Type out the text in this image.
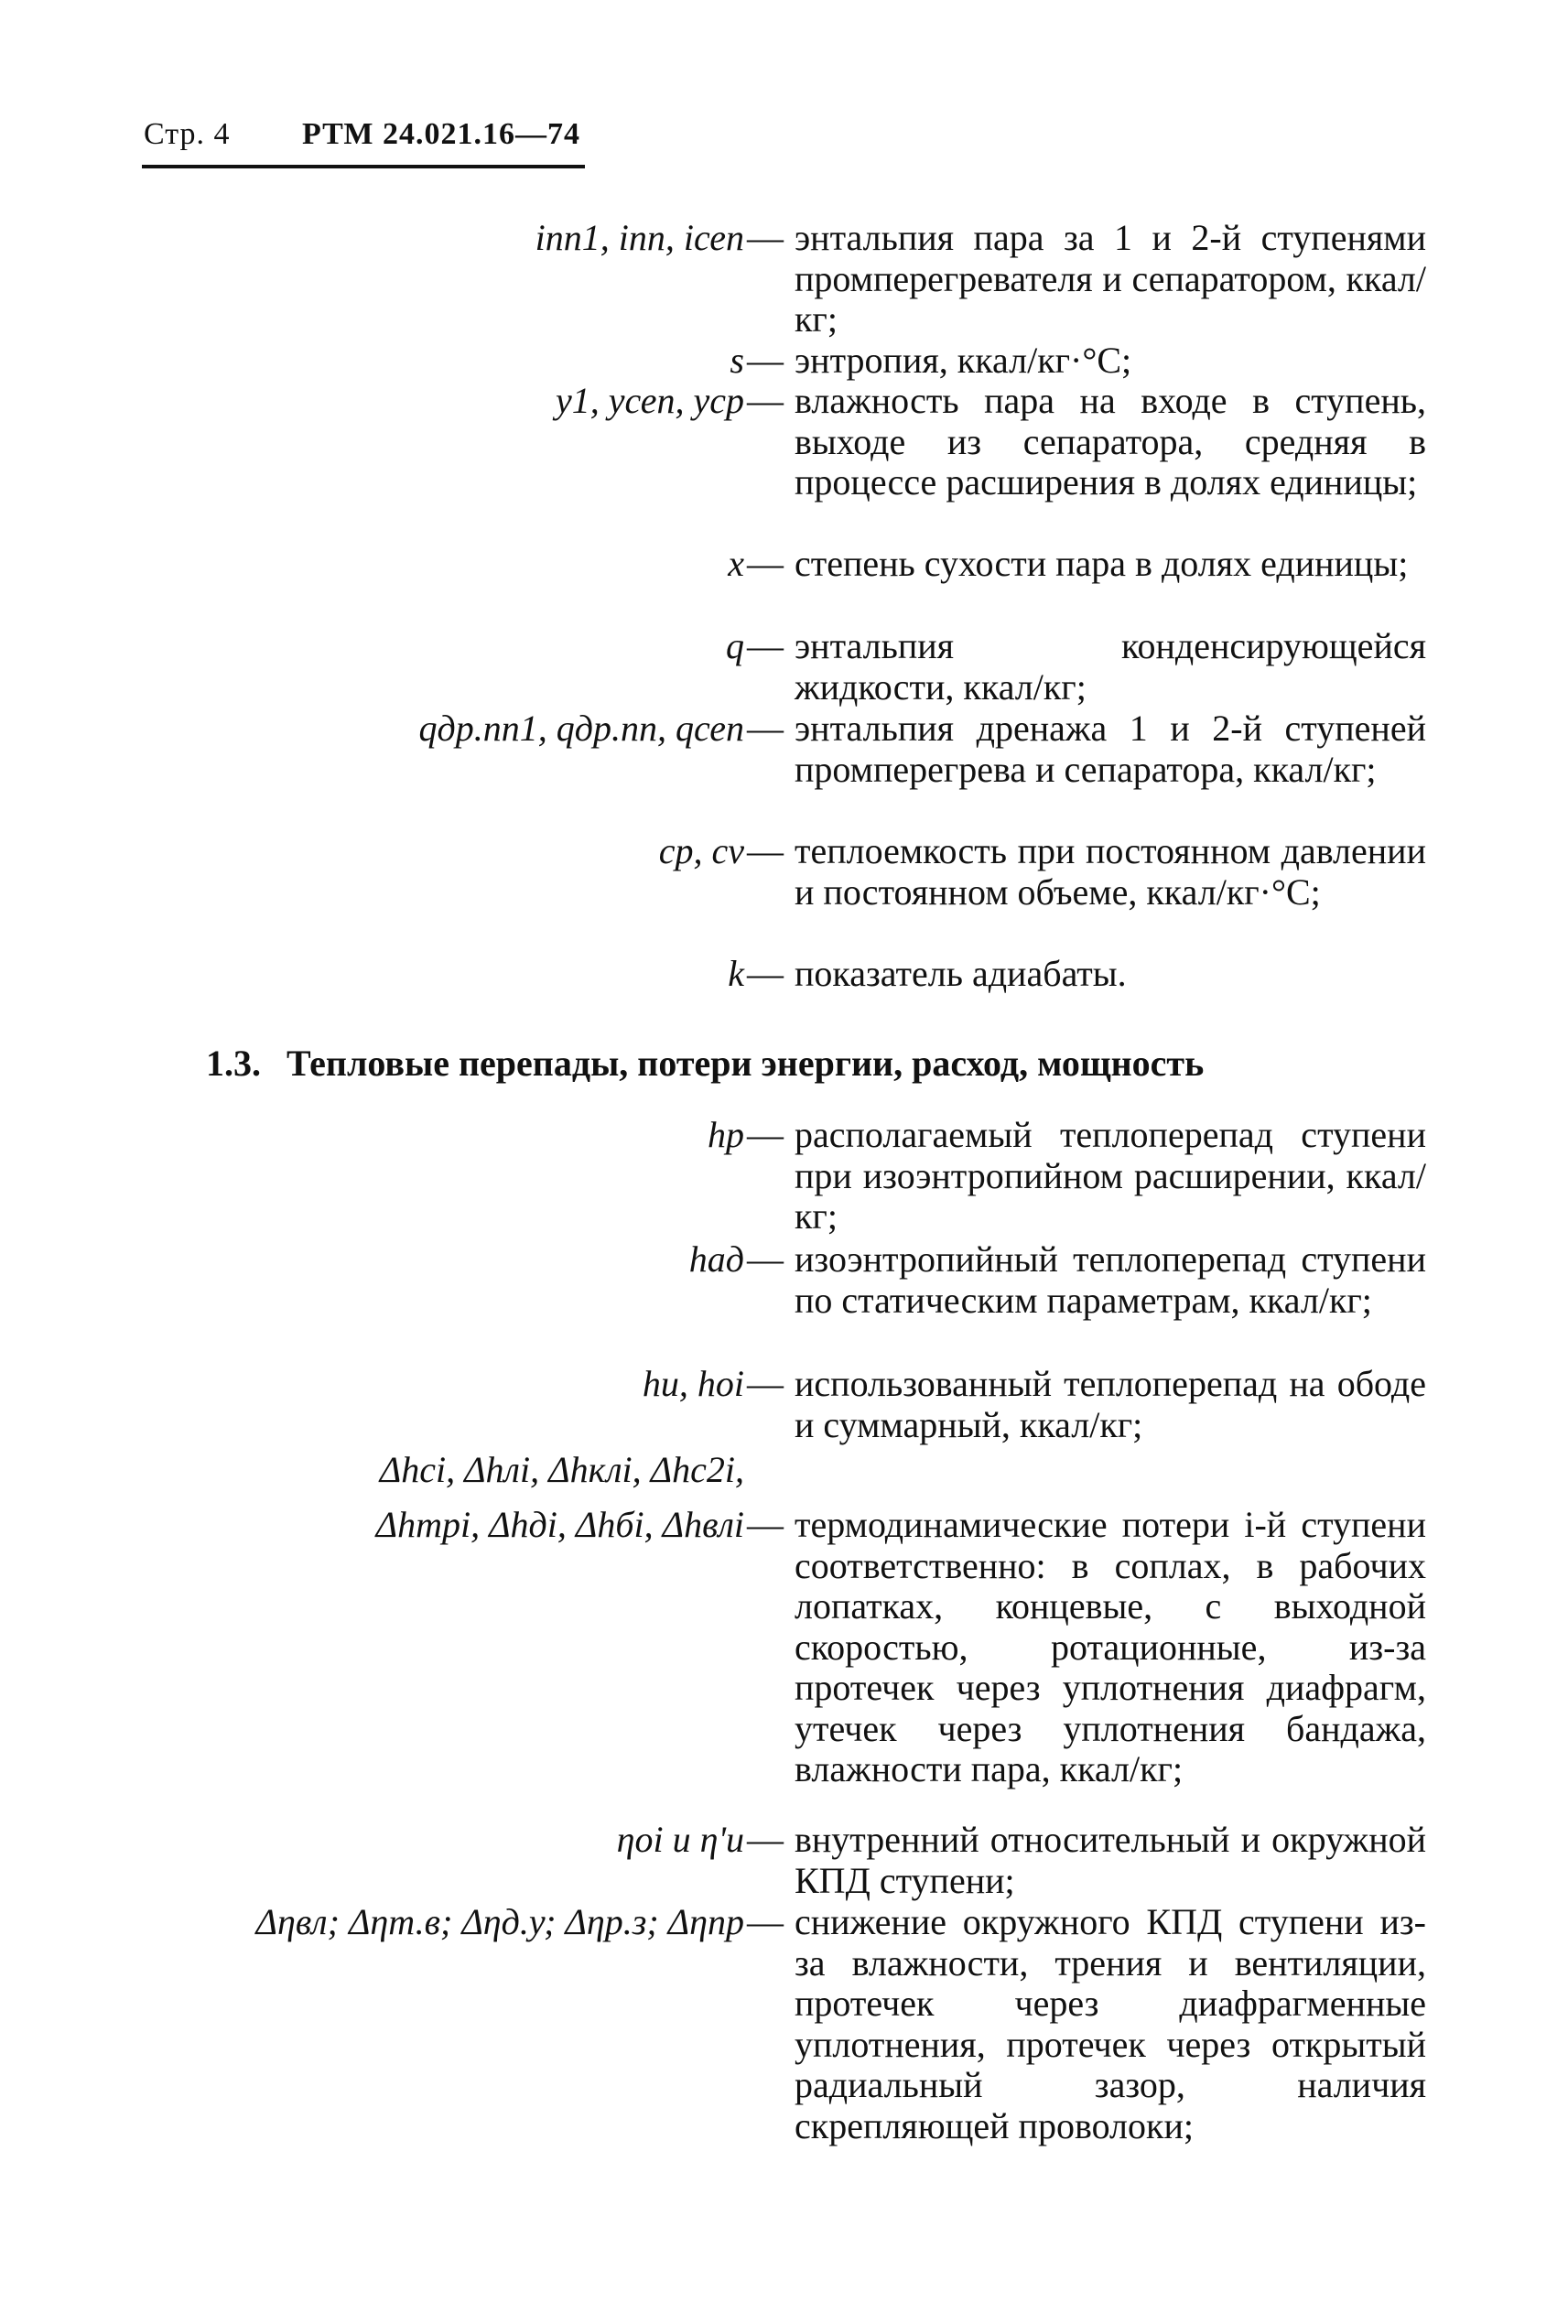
Стр. 4 РТМ 24.021.16—74
iпп1, iпп, iсеп — энтальпия пара за 1 и 2-й ступенями промперегревателя и сепаратором, ккал/кг;
s — энтропия, ккал/кг·°С;
y1, yсеп, yср — влажность пара на входе в ступень, выходе из сепаратора, средняя в процессе расширения в долях единицы;
x — степень сухости пара в долях единицы;
q — энтальпия конденсирующейся жидкости, ккал/кг;
qдр.пп1, qдр.пп, qсеп — энтальпия дренажа 1 и 2-й ступеней промперегрева и сепаратора, ккал/кг;
cp, cv — теплоемкость при постоянном давлении и постоянном объеме, ккал/кг·°С;
k — показатель адиабаты.
1.3. Тепловые перепады, потери энергии, расход, мощность
hр — располагаемый теплоперепад ступени при изоэнтропийном расширении, ккал/кг;
hад — изоэнтропийный теплоперепад ступени по статическим параметрам, ккал/кг;
hu, hoi — использованный теплоперепад на ободе и суммарный, ккал/кг;
Δhci, Δhлi, Δhклi, Δhc2i,
Δhтрi, Δhдi, Δhбi, Δhвлi — термодинамические потери i-й ступени соответственно: в соплах, в рабочих лопатках, концевые, с выходной скоростью, ротационные, из-за протечек через уплотнения диафрагм, утечек через уплотнения бандажа, влажности пара, ккал/кг;
ηoi и η'u — внутренний относительный и окружной КПД ступени;
Δηвл; Δηт.в; Δηд.у; Δηр.з; Δηпр — снижение окружного КПД ступени из-за влажности, трения и вентиляции, протечек через диафрагменные уплотнения, протечек через открытый радиальный зазор, наличия скрепляющей проволоки;
